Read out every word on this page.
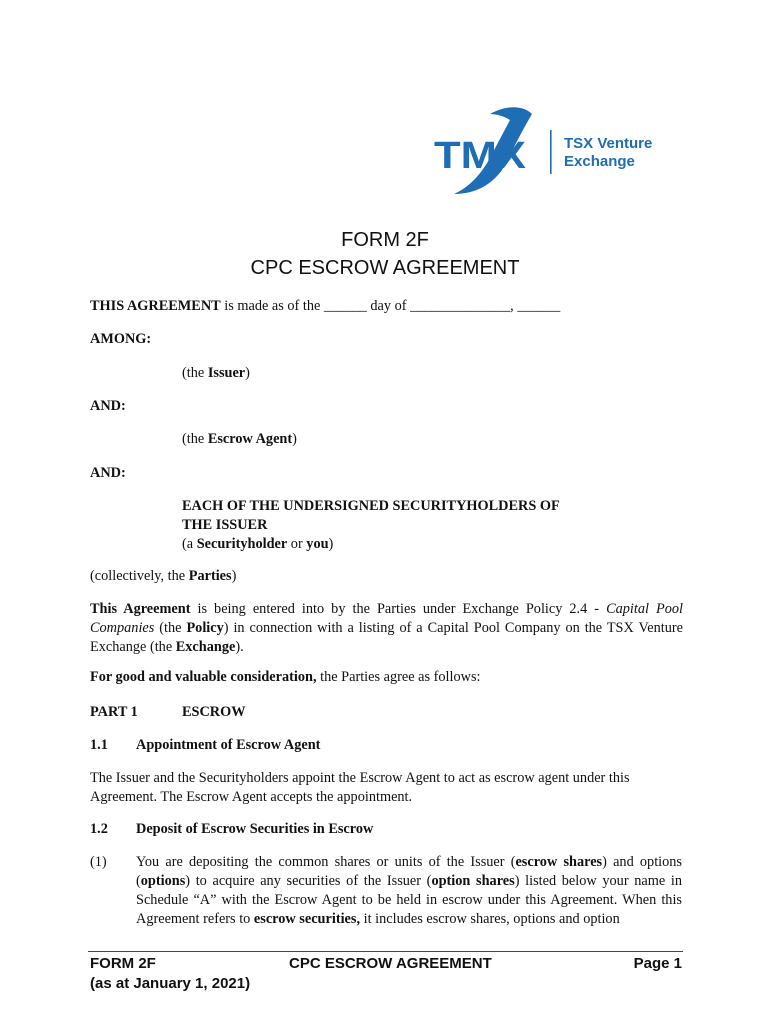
TMX TSX Venture
Exchange
FORM 2F
CPC ESCROW AGREEMENT
THIS AGREEMENT is made as of the ______ day of ______________, ______
AMONG:
(the Issuer)
AND:
(the Escrow Agent)
AND:
EACH OF THE UNDERSIGNED SECURITYHOLDERS OF
THE ISSUER
(a Securityholder or you)
(collectively, the Parties)
This Agreement is being entered into by the Parties under Exchange Policy 2.4 - Capital Pool Companies (the Policy) in connection with a listing of a Capital Pool Company on the TSX Venture Exchange (the Exchange).
For good and valuable consideration, the Parties agree as follows:
PART 1	ESCROW
1.1 Appointment of Escrow Agent
The Issuer and the Securityholders appoint the Escrow Agent to act as escrow agent under this
Agreement. The Escrow Agent accepts the appointment.
1.2 Deposit of Escrow Securities in Escrow
(1) You are depositing the common shares or units of the Issuer (escrow shares) and options (options) to acquire any securities of the Issuer (option shares) listed below your name in Schedule “A” with the Escrow Agent to be held in escrow under this Agreement. When this Agreement refers to escrow securities, it includes escrow shares, options and option
FORM 2F
(as at January 1, 2021)
CPC ESCROW AGREEMENT	Page 1
